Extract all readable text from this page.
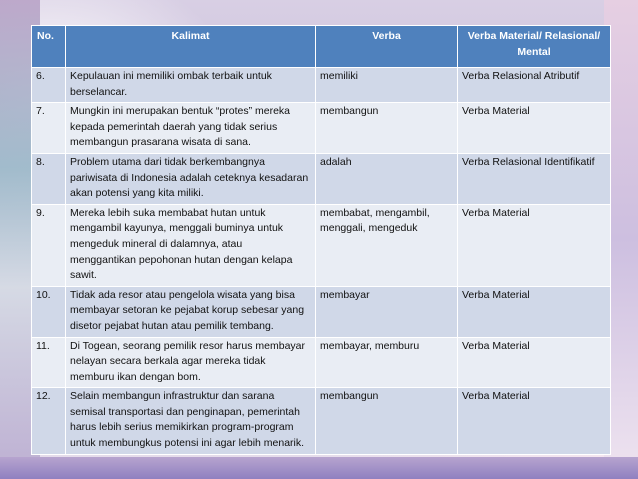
No.	Kalimat	Verba	Verba Material/ Relasional/ Mental
6.	Kepulauan ini memiliki ombak terbaik untuk berselancar.	memiliki	Verba Relasional Atributif
7.	Mungkin ini merupakan bentuk “protes” mereka kepada pemerintah daerah yang tidak serius membangun prasarana wisata di sana.	membangun	Verba Material
8.	Problem utama dari tidak berkembangnya pariwisata di Indonesia adalah ceteknya kesadaran akan potensi yang kita miliki.	adalah	Verba Relasional Identifikatif
9.	Mereka lebih suka membabat hutan untuk mengambil kayunya, menggali buminya untuk mengeduk mineral di dalamnya, atau menggantikan pepohonan hutan dengan kelapa sawit.	membabat, mengambil, menggali, mengeduk	Verba Material
10.	Tidak ada resor atau pengelola wisata yang bisa membayar setoran ke pejabat korup sebesar yang disetor pejabat hutan atau pemilik tembang.	membayar	Verba Material
11.	Di Togean, seorang pemilik resor harus membayar nelayan secara berkala agar mereka tidak memburu ikan dengan bom.	membayar, memburu	Verba Material
12.	Selain membangun infrastruktur dan sarana semisal transportasi dan penginapan, pemerintah harus lebih serius memikirkan program-program untuk membungkus potensi ini agar lebih menarik.	membangun	Verba Material
